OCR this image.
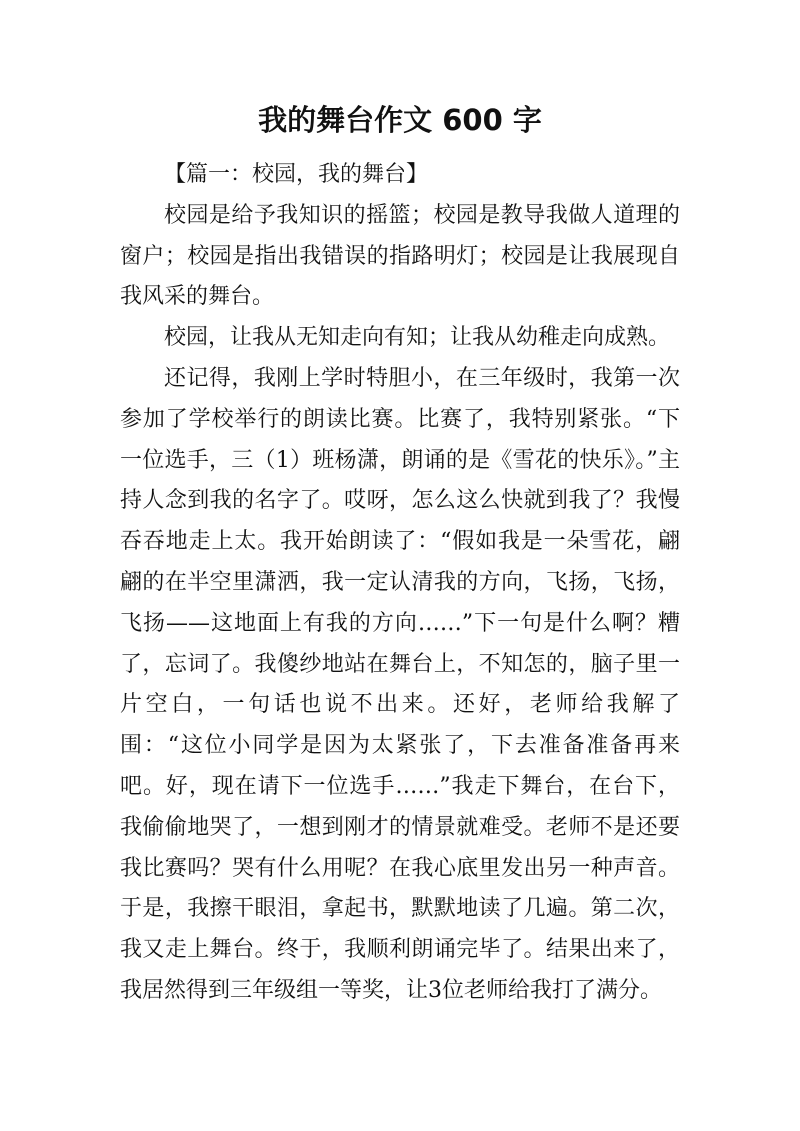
我的舞台作文 600 字

【篇一：校园，我的舞台】

校园是给予我知识的摇篮；校园是教导我做人道理的窗户；校园是指出我错误的指路明灯；校园是让我展现自我风采的舞台。

校园，让我从无知走向有知；让我从幼稚走向成熟。

还记得，我刚上学时特胆小，在三年级时，我第一次参加了学校举行的朗读比赛。比赛了，我特别紧张。“下一位选手，三（1）班杨潇，朗诵的是《雪花的快乐》。”主持人念到我的名字了。哎呀，怎么这么快就到我了？我慢吞吞地走上太。我开始朗读了：“假如我是一朵雪花，翩翩的在半空里潇洒，我一定认清我的方向，飞扬，飞扬，飞扬——这地面上有我的方向……”下一句是什么啊？糟了，忘词了。我傻纱地站在舞台上，不知怎的，脑子里一片空白，一句话也说不出来。还好，老师给我解了围：“这位小同学是因为太紧张了，下去准备准备再来吧。好，现在请下一位选手……”我走下舞台，在台下，我偷偷地哭了，一想到刚才的情景就难受。老师不是还要我比赛吗？哭有什么用呢？在我心底里发出另一种声音。于是，我擦干眼泪，拿起书，默默地读了几遍。第二次，我又走上舞台。终于，我顺利朗诵完毕了。结果出来了，我居然得到三年级组一等奖，让3位老师给我打了满分。
